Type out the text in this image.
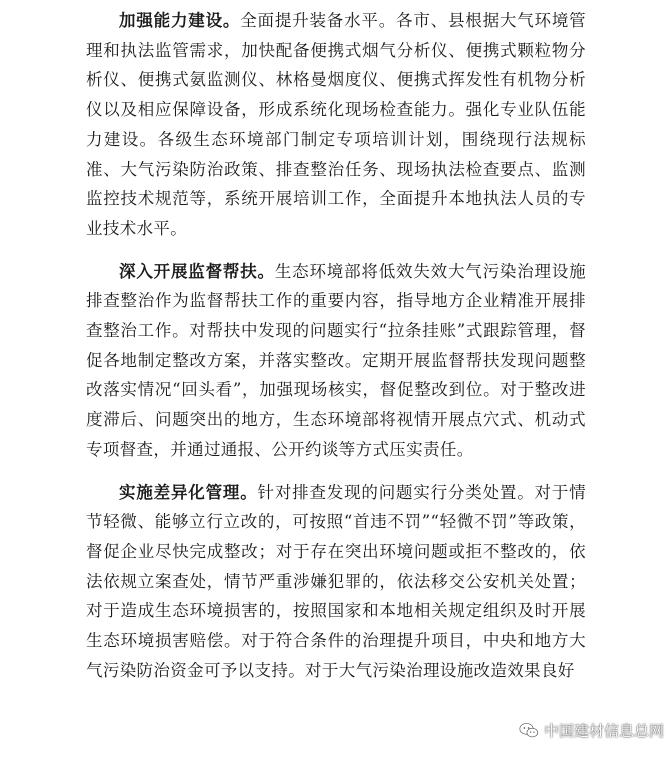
加强能力建设。全面提升装备水平。各市、县根据大气环境管理和执法监管需求，加快配备便携式烟气分析仪、便携式颗粒物分析仪、便携式氨监测仪、林格曼烟度仪、便携式挥发性有机物分析仪以及相应保障设备，形成系统化现场检查能力。强化专业队伍能力建设。各级生态环境部门制定专项培训计划，围绕现行法规标准、大气污染防治政策、排查整治任务、现场执法检查要点、监测监控技术规范等，系统开展培训工作，全面提升本地执法人员的专业技术水平。

深入开展监督帮扶。生态环境部将低效失效大气污染治理设施排查整治作为监督帮扶工作的重要内容，指导地方企业精准开展排查整治工作。对帮扶中发现的问题实行“拉条挂账”式跟踪管理，督促各地制定整改方案，并落实整改。定期开展监督帮扶发现问题整改落实情况“回头看”，加强现场核实，督促整改到位。对于整改进度滞后、问题突出的地方，生态环境部将视情开展点穴式、机动式专项督查，并通过通报、公开约谈等方式压实责任。

实施差异化管理。针对排查发现的问题实行分类处置。对于情节轻微、能够立行立改的，可按照“首违不罚”“轻微不罚”等政策，督促企业尽快完成整改；对于存在突出环境问题或拒不整改的，依法依规立案查处，情节严重涉嫌犯罪的，依法移交公安机关处置；对于造成生态环境损害的，按照国家和本地相关规定组织及时开展生态环境损害赔偿。对于符合条件的治理提升项目，中央和地方大气污染防治资金可予以支持。对于大气污染治理设施改造效果良好

中国建材信息总网
